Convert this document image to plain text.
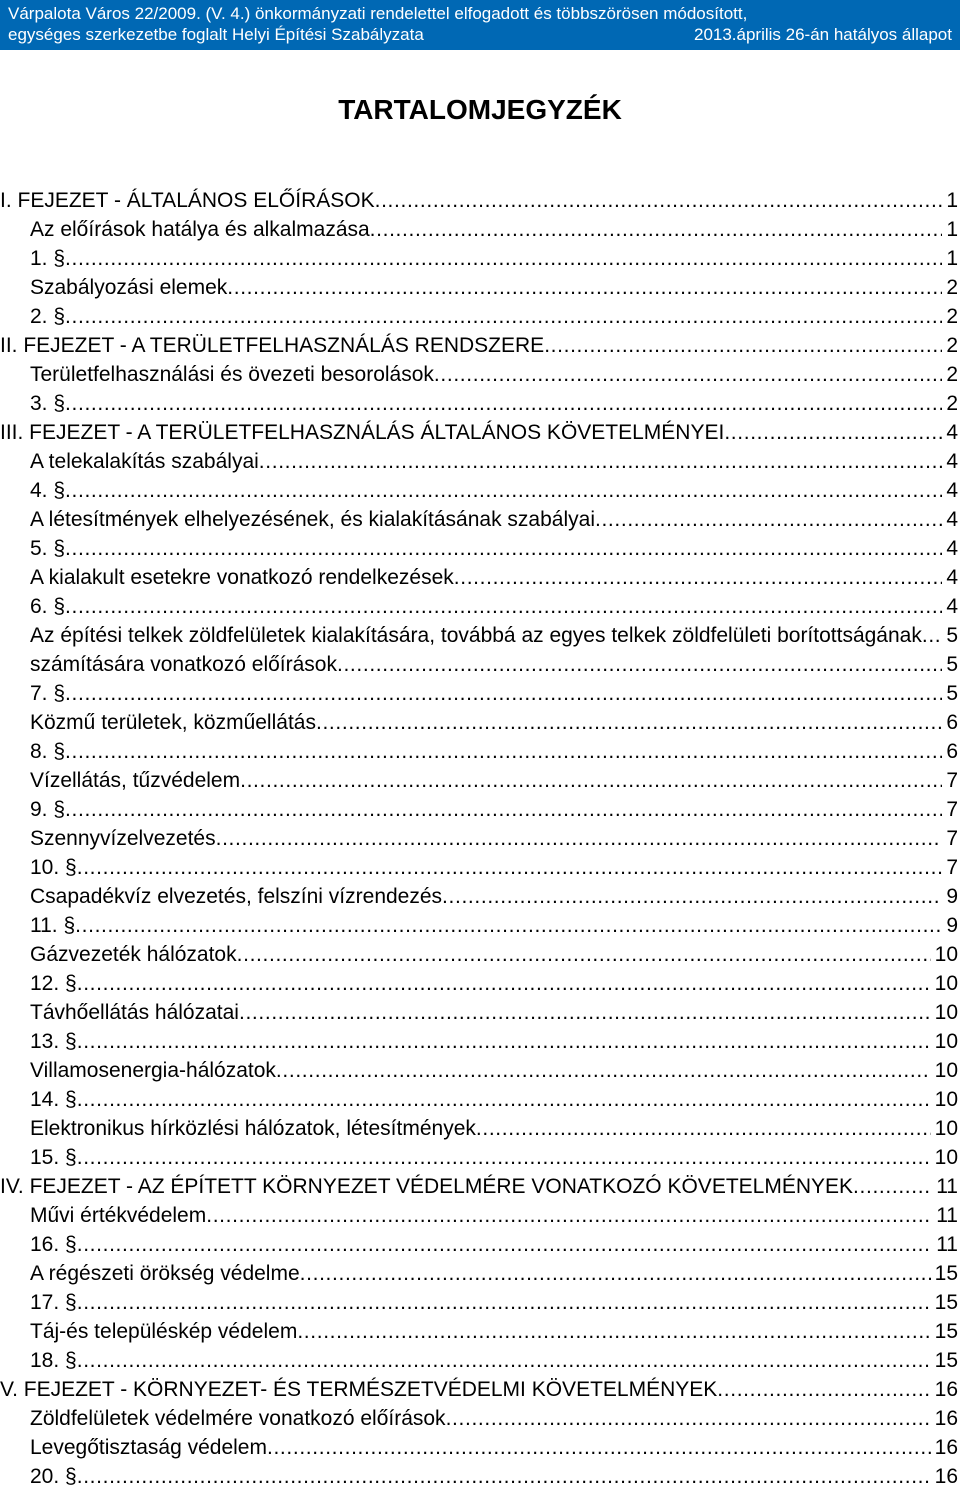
Várpalota Város 22/2009. (V. 4.) önkormányzati rendelettel elfogadott és többszörösen módosított,
egységes szerkezetbe foglalt Helyi Építési Szabályzata	2013.április 26-án hatályos állapot
TARTALOMJEGYZÉK
I. FEJEZET - ÁLTALÁNOS ELŐÍRÁSOK . . .	1
Az előírások hatálya és alkalmazása . . .	1
1. § . . .	1
Szabályozási elemek . . .	2
2. § . . .	2
II. FEJEZET - A TERÜLETFELHASZNÁLÁS RENDSZERE . . .	2
Területfelhasználási és övezeti besorolások . . .	2
3. § . . .	2
III. FEJEZET - A TERÜLETFELHASZNÁLÁS ÁLTALÁNOS KÖVETELMÉNYEI . . .	4
A telekalakítás szabályai . . .	4
4. § . . .	4
A létesítmények elhelyezésének, és kialakításának szabályai . . .	4
5. § . . .	4
A kialakult esetekre vonatkozó rendelkezések . . .	4
6. § . . .	4
Az építési telkek zöldfelületek kialakítására, továbbá az egyes telkek zöldfelületi borítottságának . . . 5
számítására vonatkozó előírások . . .	5
7. § . . .	5
Közmű területek, közműellátás . . .	6
8. § . . .	6
Vízellátás, tűzvédelem . . .	7
9. § . . .	7
Szennyvízelvezetés . . .	7
10. § . . .	7
Csapadékvíz elvezetés, felszíni vízrendezés . . .	9
11. § . . .	9
Gázvezeték hálózatok . . .	10
12. § . . .	10
Távhőellátás hálózatai . . .	10
13. § . . .	10
Villamosenergia-hálózatok . . .	10
14. § . . .	10
Elektronikus hírközlési hálózatok, létesítmények . . .	10
15. § . . .	10
IV. FEJEZET - AZ ÉPÍTETT KÖRNYEZET VÉDELMÉRE VONATKOZÓ KÖVETELMÉNYEK . . .	11
Művi értékvédelem . . .	11
16. § . . .	11
A régészeti örökség védelme . . .	15
17. § . . .	15
Táj-és településkép védelem . . .	15
18. § . . .	15
V. FEJEZET - KÖRNYEZET- ÉS TERMÉSZETVÉDELMI KÖVETELMÉNYEK . . .	16
Zöldfelületek védelmére vonatkozó előírások . . .	16
Levegőtisztaság védelem . . .	16
20. § . . .	16
